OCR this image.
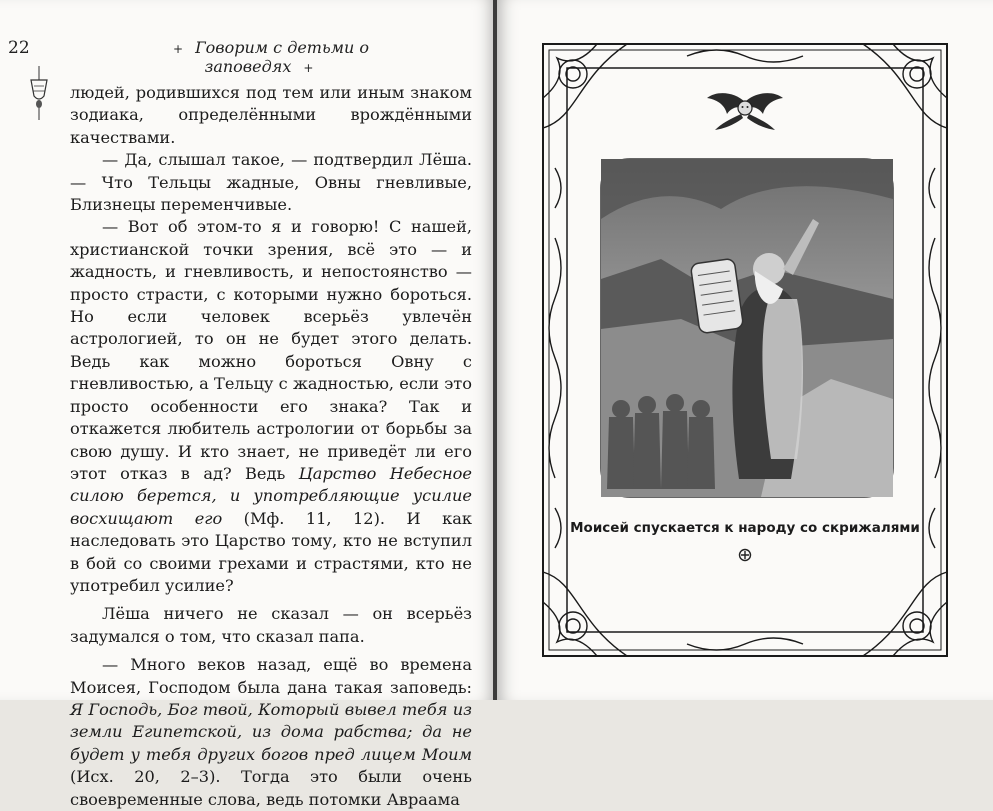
22	+ Говорим с детьми о заповедях +

людей, родившихся под тем или иным знаком зодиака, определёнными врождёнными качествами.

— Да, слышал такое, — подтвердил Лёша. — Что Тельцы жадные, Овны гневливые, Близнецы переменчивые.

— Вот об этом-то я и говорю! С нашей, христианской точки зрения, всё это — и жадность, и гневливость, и непостоянство — просто страсти, с которыми нужно бороться. Но если человек всерьёз увлечён астрологией, то он не будет этого делать. Ведь как можно бороться Овну с гневливостью, а Тельцу с жадностью, если это просто особенности его знака? Так и откажется любитель астрологии от борьбы за свою душу. И кто знает, не приведёт ли его этот отказ в ад? Ведь Царство Небесное силою берется, и употребляющие усилие восхищают его (Мф. 11, 12). И как наследовать это Царство тому, кто не вступил в бой со своими грехами и страстями, кто не употребил усилие?

Лёша ничего не сказал — он всерьёз задумался о том, что сказал папа.

— Много веков назад, ещё во времена Моисея, Господом была дана такая заповедь: Я Господь, Бог твой, Который вывел тебя из земли Египетской, из дома рабства; да не будет у тебя других богов пред лицем Моим (Исх. 20, 2–3). Тогда это были очень своевременные слова, ведь потомки Авраама

Моисей спускается к народу со скрижалями
